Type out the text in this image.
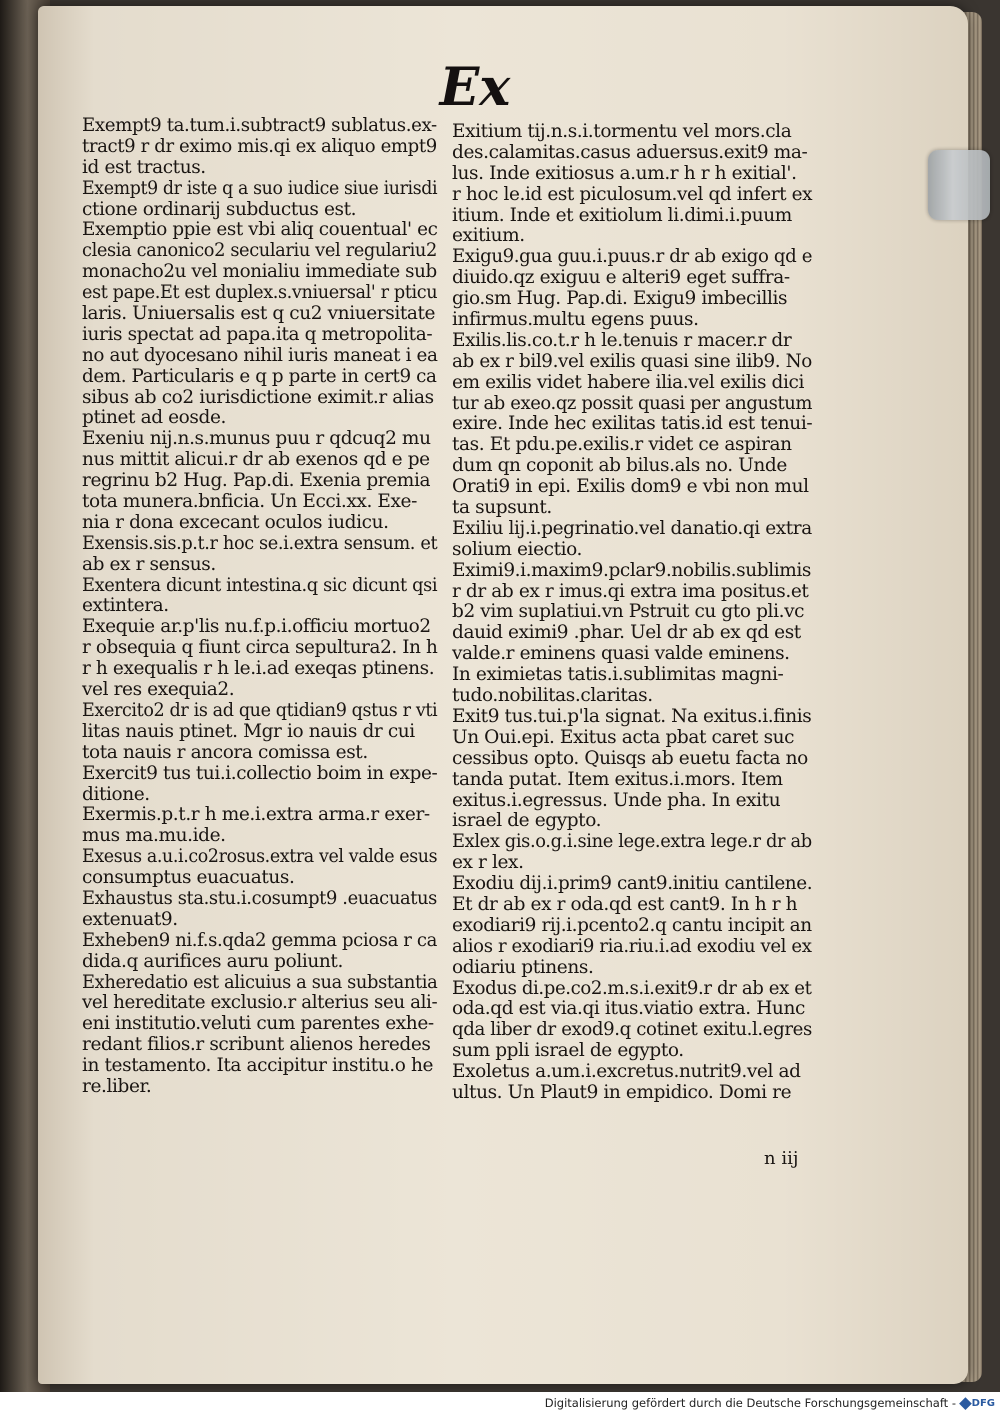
Ex
Exempt9 ta.tum.i.subtract9 sublatus.ex-
tract9 r dr eximo mis.qi ex aliquo empt9
id est tractus.
Exempt9 dr iste q a suo iudice siue iurisdi
ctione ordinarij subductus est.
Exemptio ppie est vbi aliq couentual' ec
clesia canonico2 seculariu vel regulariu2
monacho2u vel monialiu immediate sub
est pape.Et est duplex.s.vniuersal' r pticu
laris. Uniuersalis est q cu2 vniuersitate
iuris spectat ad papa.ita q metropolita-
no aut dyocesano nihil iuris maneat i ea
dem. Particularis e q p parte in cert9 ca
sibus ab co2 iurisdictione eximit.r alias
ptinet ad eosde.
Exeniu nij.n.s.munus puu r qdcuq2 mu
nus mittit alicui.r dr ab exenos qd e pe
regrinu b2 Hug. Pap.di. Exenia premia
tota munera.bnficia. Un Ecci.xx. Exe-
nia r dona excecant oculos iudicu.
Exensis.sis.p.t.r hoc se.i.extra sensum. et
ab ex r sensus.
Exentera dicunt intestina.q sic dicunt qsi
extintera.
Exequie ar.p'lis nu.f.p.i.officiu mortuo2
r obsequia q fiunt circa sepultura2. In h
r h exequalis r h le.i.ad exeqas ptinens.
vel res exequia2.
Exercito2 dr is ad que qtidian9 qstus r vti
litas nauis ptinet. Mgr io nauis dr cui
tota nauis r ancora comissa est.
Exercit9 tus tui.i.collectio boim in expe-
ditione.
Exermis.p.t.r h me.i.extra arma.r exer-
mus ma.mu.ide.
Exesus a.u.i.co2rosus.extra vel valde esus
consumptus euacuatus.
Exhaustus sta.stu.i.cosumpt9 .euacuatus
extenuat9.
Exheben9 ni.f.s.qda2 gemma pciosa r ca
dida.q aurifices auru poliunt.
Exheredatio est alicuius a sua substantia
vel hereditate exclusio.r alterius seu ali-
eni institutio.veluti cum parentes exhe-
redant filios.r scribunt alienos heredes
in testamento. Ita accipitur institu.o he
re.liber.
Exitium tij.n.s.i.tormentu vel mors.cla
des.calamitas.casus aduersus.exit9 ma-
lus. Inde exitiosus a.um.r h r h exitial'.
r hoc le.id est piculosum.vel qd infert ex
itium. Inde et exitiolum li.dimi.i.puum
exitium.
Exigu9.gua guu.i.puus.r dr ab exigo qd e
diuido.qz exiguu e alteri9 eget suffra-
gio.sm Hug. Pap.di. Exigu9 imbecillis
infirmus.multu egens puus.
Exilis.lis.co.t.r h le.tenuis r macer.r dr
ab ex r bil9.vel exilis quasi sine ilib9. No
em exilis videt habere ilia.vel exilis dici
tur ab exeo.qz possit quasi per angustum
exire. Inde hec exilitas tatis.id est tenui-
tas. Et pdu.pe.exilis.r videt ce aspiran
dum qn coponit ab bilus.als no. Unde
Orati9 in epi. Exilis dom9 e vbi non mul
ta supsunt.
Exiliu lij.i.pegrinatio.vel danatio.qi extra
solium eiectio.
Eximi9.i.maxim9.pclar9.nobilis.sublimis
r dr ab ex r imus.qi extra ima positus.et
b2 vim suplatiui.vn Pstruit cu gto pli.vc
dauid eximi9 .phar. Uel dr ab ex qd est
valde.r eminens quasi valde eminens.
In eximietas tatis.i.sublimitas magni-
tudo.nobilitas.claritas.
Exit9 tus.tui.p'la signat. Na exitus.i.finis
Un Oui.epi. Exitus acta pbat caret suc
cessibus opto. Quisqs ab euetu facta no
tanda putat. Item exitus.i.mors. Item
exitus.i.egressus. Unde pha. In exitu
israel de egypto.
Exlex gis.o.g.i.sine lege.extra lege.r dr ab
ex r lex.
Exodiu dij.i.prim9 cant9.initiu cantilene.
Et dr ab ex r oda.qd est cant9. In h r h
exodiari9 rij.i.pcento2.q cantu incipit an
alios r exodiari9 ria.riu.i.ad exodiu vel ex
odiariu ptinens.
Exodus di.pe.co2.m.s.i.exit9.r dr ab ex et
oda.qd est via.qi itus.viatio extra. Hunc
qda liber dr exod9.q cotinet exitu.l.egres
sum ppli israel de egypto.
Exoletus a.um.i.excretus.nutrit9.vel ad
ultus. Un Plaut9 in empidico. Domi re
n iij
Digitalisierung gefördert durch die Deutsche Forschungsgemeinschaft - DFG
